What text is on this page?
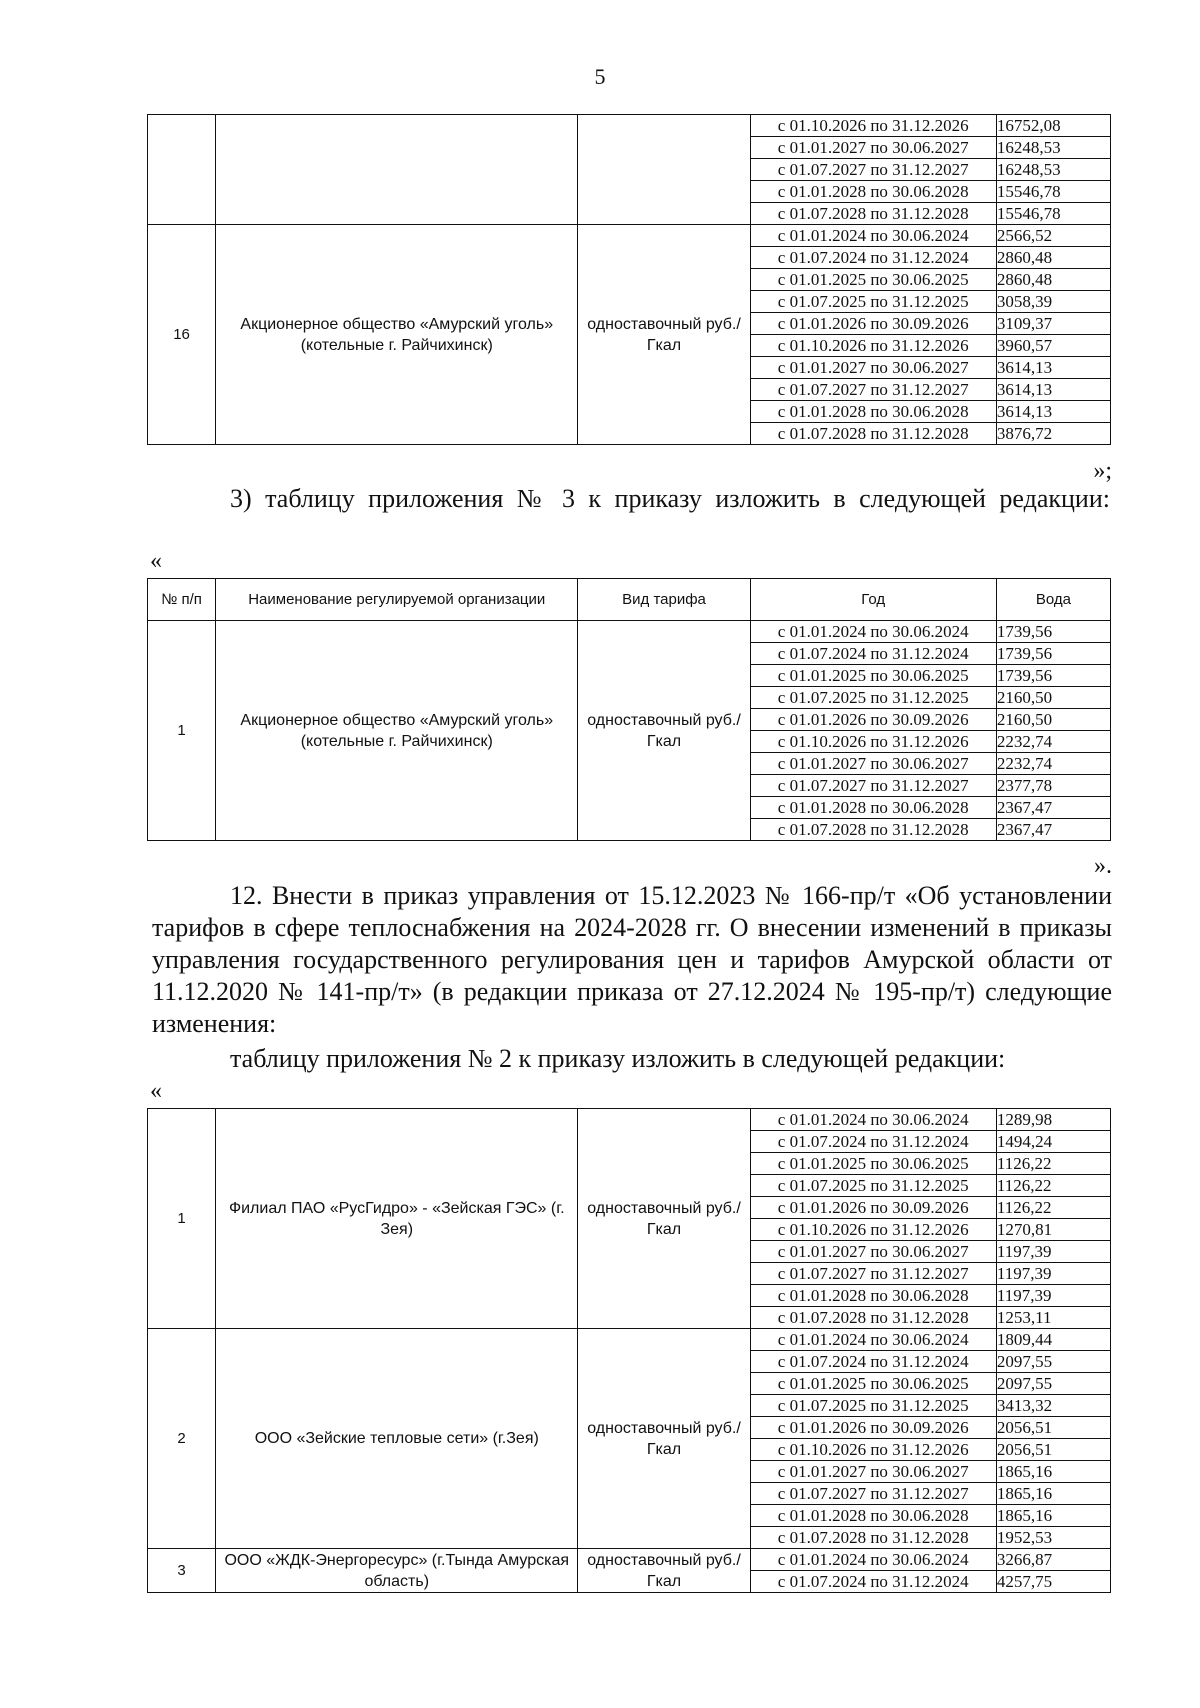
5
			с 01.10.2026 по 31.12.2026	16752,08
			с 01.01.2027 по 30.06.2027	16248,53
			с 01.07.2027 по 31.12.2027	16248,53
			с 01.01.2028 по 30.06.2028	15546,78
			с 01.07.2028 по 31.12.2028	15546,78
16	Акционерное общество «Амурский уголь» (котельные г. Райчихинск)	одноставочный руб./Гкал	с 01.01.2024 по 30.06.2024	2566,52
			с 01.07.2024 по 31.12.2024	2860,48
			с 01.01.2025 по 30.06.2025	2860,48
			с 01.07.2025 по 31.12.2025	3058,39
			с 01.01.2026 по 30.09.2026	3109,37
			с 01.10.2026 по 31.12.2026	3960,57
			с 01.01.2027 по 30.06.2027	3614,13
			с 01.07.2027 по 31.12.2027	3614,13
			с 01.01.2028 по 30.06.2028	3614,13
			с 01.07.2028 по 31.12.2028	3876,72
»;
3) таблицу приложения № 3 к приказу изложить в следующей редакции:
«
№ п/п	Наименование регулируемой организации	Вид тарифа	Год	Вода
1	Акционерное общество «Амурский уголь» (котельные г. Райчихинск)	одноставочный руб./Гкал	с 01.01.2024 по 30.06.2024	1739,56
			с 01.07.2024 по 31.12.2024	1739,56
			с 01.01.2025 по 30.06.2025	1739,56
			с 01.07.2025 по 31.12.2025	2160,50
			с 01.01.2026 по 30.09.2026	2160,50
			с 01.10.2026 по 31.12.2026	2232,74
			с 01.01.2027 по 30.06.2027	2232,74
			с 01.07.2027 по 31.12.2027	2377,78
			с 01.01.2028 по 30.06.2028	2367,47
			с 01.07.2028 по 31.12.2028	2367,47
».
12. Внести в приказ управления от 15.12.2023 № 166-пр/т «Об установлении тарифов в сфере теплоснабжения на 2024-2028 гг. О внесении изменений в приказы управления государственного регулирования цен и тарифов Амурской области от 11.12.2020 № 141-пр/т» (в редакции приказа от 27.12.2024 № 195-пр/т) следующие изменения:
таблицу приложения № 2 к приказу изложить в следующей редакции:
«
1	Филиал ПАО «РусГидро» - «Зейская ГЭС» (г. Зея)	одноставочный руб./Гкал	с 01.01.2024 по 30.06.2024	1289,98
			с 01.07.2024 по 31.12.2024	1494,24
			с 01.01.2025 по 30.06.2025	1126,22
			с 01.07.2025 по 31.12.2025	1126,22
			с 01.01.2026 по 30.09.2026	1126,22
			с 01.10.2026 по 31.12.2026	1270,81
			с 01.01.2027 по 30.06.2027	1197,39
			с 01.07.2027 по 31.12.2027	1197,39
			с 01.01.2028 по 30.06.2028	1197,39
			с 01.07.2028 по 31.12.2028	1253,11
2	ООО «Зейские тепловые сети» (г.Зея)	одноставочный руб./Гкал	с 01.01.2024 по 30.06.2024	1809,44
			с 01.07.2024 по 31.12.2024	2097,55
			с 01.01.2025 по 30.06.2025	2097,55
			с 01.07.2025 по 31.12.2025	3413,32
			с 01.01.2026 по 30.09.2026	2056,51
			с 01.10.2026 по 31.12.2026	2056,51
			с 01.01.2027 по 30.06.2027	1865,16
			с 01.07.2027 по 31.12.2027	1865,16
			с 01.01.2028 по 30.06.2028	1865,16
			с 01.07.2028 по 31.12.2028	1952,53
3	ООО «ЖДК-Энергоресурс» (г.Тында Амурская область)	одноставочный руб./Гкал	с 01.01.2024 по 30.06.2024	3266,87
			с 01.07.2024 по 31.12.2024	4257,75
